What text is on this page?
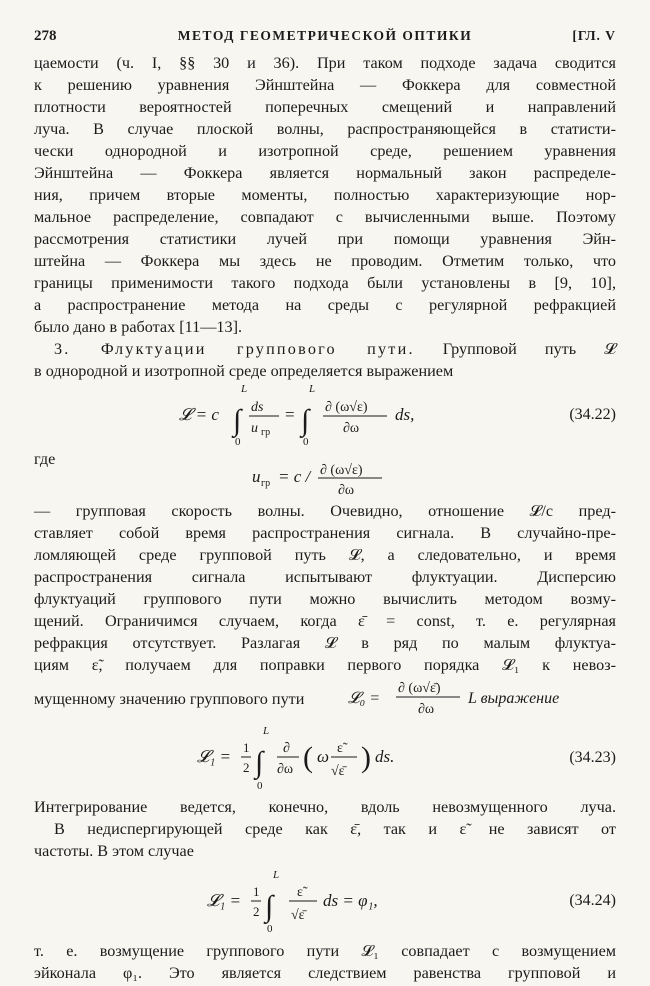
278	МЕТОД ГЕОМЕТРИЧЕСКОЙ ОПТИКИ	[ГЛ. V
цаемости (ч. I, §§ 30 и 36). При таком подходе задача сводится
к решению уравнения Эйнштейна — Фоккера для совместной
плотности вероятностей поперечных смещений и направлений
луча. В случае плоской волны, распространяющейся в статисти-
чески однородной и изотропной среде, решением уравнения
Эйнштейна — Фоккера является нормальный закон распределе-
ния, причем вторые моменты, полностью характеризующие нор-
мальное распределение, совпадают с вычисленными выше. Поэтому
рассмотрения статистики лучей при помощи уравнения Эйн-
штейна — Фоккера мы здесь не проводим. Отметим только, что
границы применимости такого подхода были установлены в [9, 10],
а распространение метода на среды с регулярной рефракцией
было дано в работах [11—13].
3. Флуктуации группового пути. Групповой путь 𝓛
в однородной и изотропной среде определяется выражением
𝓛 = c ∫
L
0
ds
u гр
= ∫
L
0
∂ (ω√ε)
∂ω
ds,	(34.22)
где
u гр = c / ∂ (ω√ε)
∂ω
— групповая скорость волны. Очевидно, отношение 𝓛/c пред-
ставляет собой время распространения сигнала. В случайно-пре-
ломляющей среде групповой путь 𝓛, а следовательно, и время
распространения сигнала испытывают флуктуации. Дисперсию
флуктуаций группового пути можно вычислить методом возму-
щений. Ограничимся случаем, когда ε̄ = const, т. е. регулярная
рефракция отсутствует. Разлагая 𝓛 в ряд по малым флуктуа-
циям ε̃, получаем для поправки первого порядка 𝓛₁ к невоз-
мущенному значению группового пути	𝓛₀ =
∂ (ω√ε̄)
∂ω
L выражение
𝓛₁ = 1
2 ∫
L
0
∂
∂ω ( ω ε̃
√ε̄ ) ds.	(34.23)
Интегрирование ведется, конечно, вдоль невозмущенного луча.
В недиспергирующей среде как ε̄, так и ε̃ не зависят от
частоты. В этом случае
𝓛₁ = 1
2 ∫
L
0
ε̃
√ε̄
ds = φ₁,	(34.24)
т. е. возмущение группового пути 𝓛₁ совпадает с возмущением
эйконала φ₁. Это является следствием равенства групповой и
